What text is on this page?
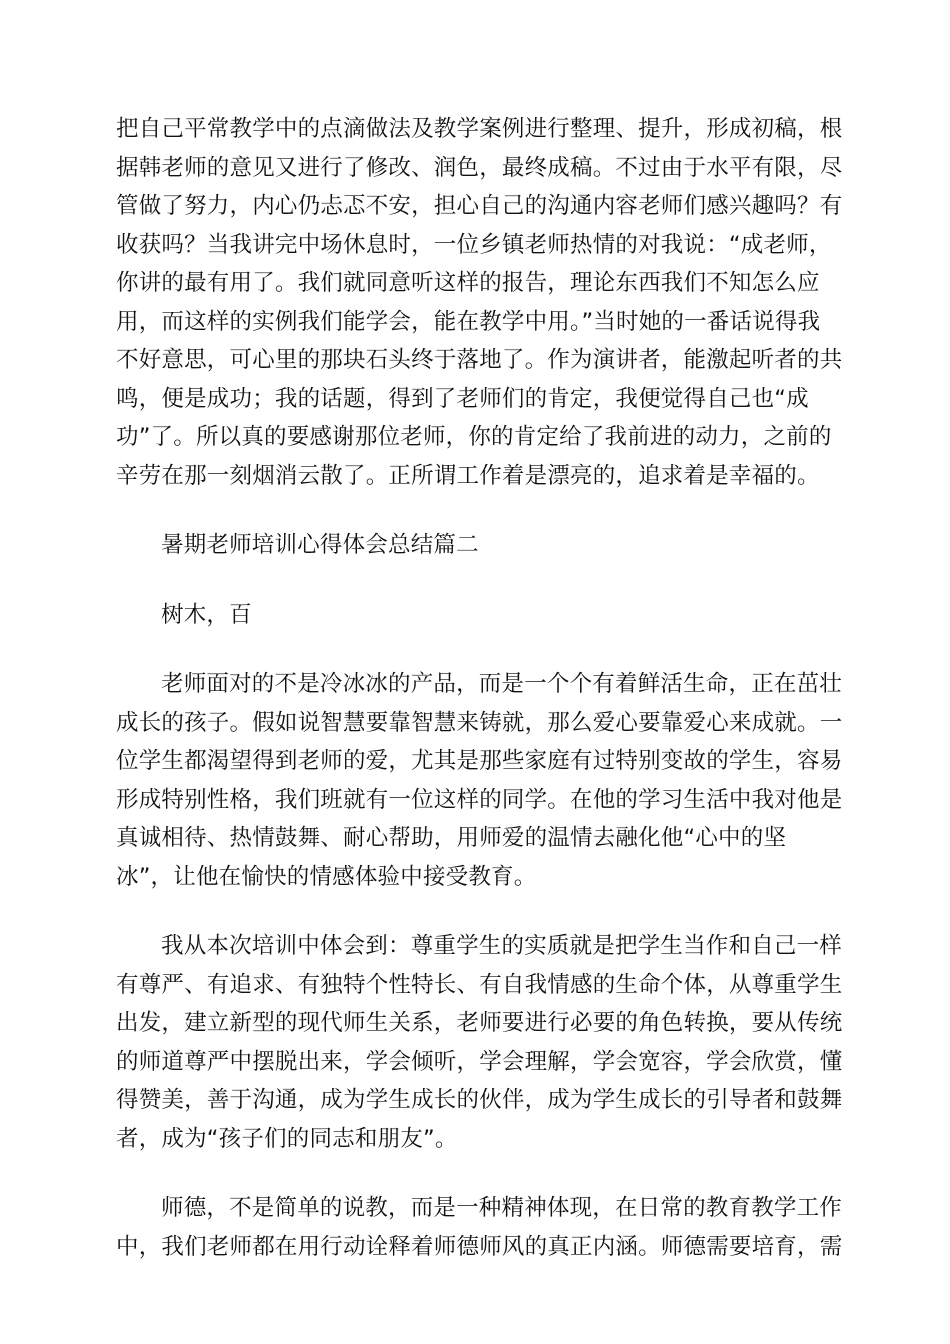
把自己平常教学中的点滴做法及教学案例进行整理、提升，形成初稿，根
据韩老师的意见又进行了修改、润色，最终成稿。不过由于水平有限，尽
管做了努力，内心仍忐忑不安，担心自己的沟通内容老师们感兴趣吗？有
收获吗？当我讲完中场休息时，一位乡镇老师热情的对我说：“成老师，
你讲的最有用了。我们就同意听这样的报告，理论东西我们不知怎么应
用，而这样的实例我们能学会，能在教学中用。”当时她的一番话说得我
不好意思，可心里的那块石头终于落地了。作为演讲者，能激起听者的共
鸣，便是成功；我的话题，得到了老师们的肯定，我便觉得自己也“成
功”了。所以真的要感谢那位老师，你的肯定给了我前进的动力，之前的
辛劳在那一刻烟消云散了。正所谓工作着是漂亮的，追求着是幸福的。
暑期老师培训心得体会总结篇二
树木，百
老师面对的不是冷冰冰的产品，而是一个个有着鲜活生命，正在茁壮
成长的孩子。假如说智慧要靠智慧来铸就，那么爱心要靠爱心来成就。一
位学生都渴望得到老师的爱，尤其是那些家庭有过特别变故的学生，容易
形成特别性格，我们班就有一位这样的同学。在他的学习生活中我对他是
真诚相待、热情鼓舞、耐心帮助，用师爱的温情去融化他“心中的坚
冰”，让他在愉快的情感体验中接受教育。
我从本次培训中体会到：尊重学生的实质就是把学生当作和自己一样
有尊严、有追求、有独特个性特长、有自我情感的生命个体，从尊重学生
出发，建立新型的现代师生关系，老师要进行必要的角色转换，要从传统
的师道尊严中摆脱出来，学会倾听，学会理解，学会宽容，学会欣赏，懂
得赞美，善于沟通，成为学生成长的伙伴，成为学生成长的引导者和鼓舞
者，成为“孩子们的同志和朋友”。
师德，不是简单的说教，而是一种精神体现，在日常的教育教学工作
中，我们老师都在用行动诠释着师德师风的真正内涵。师德需要培育，需
